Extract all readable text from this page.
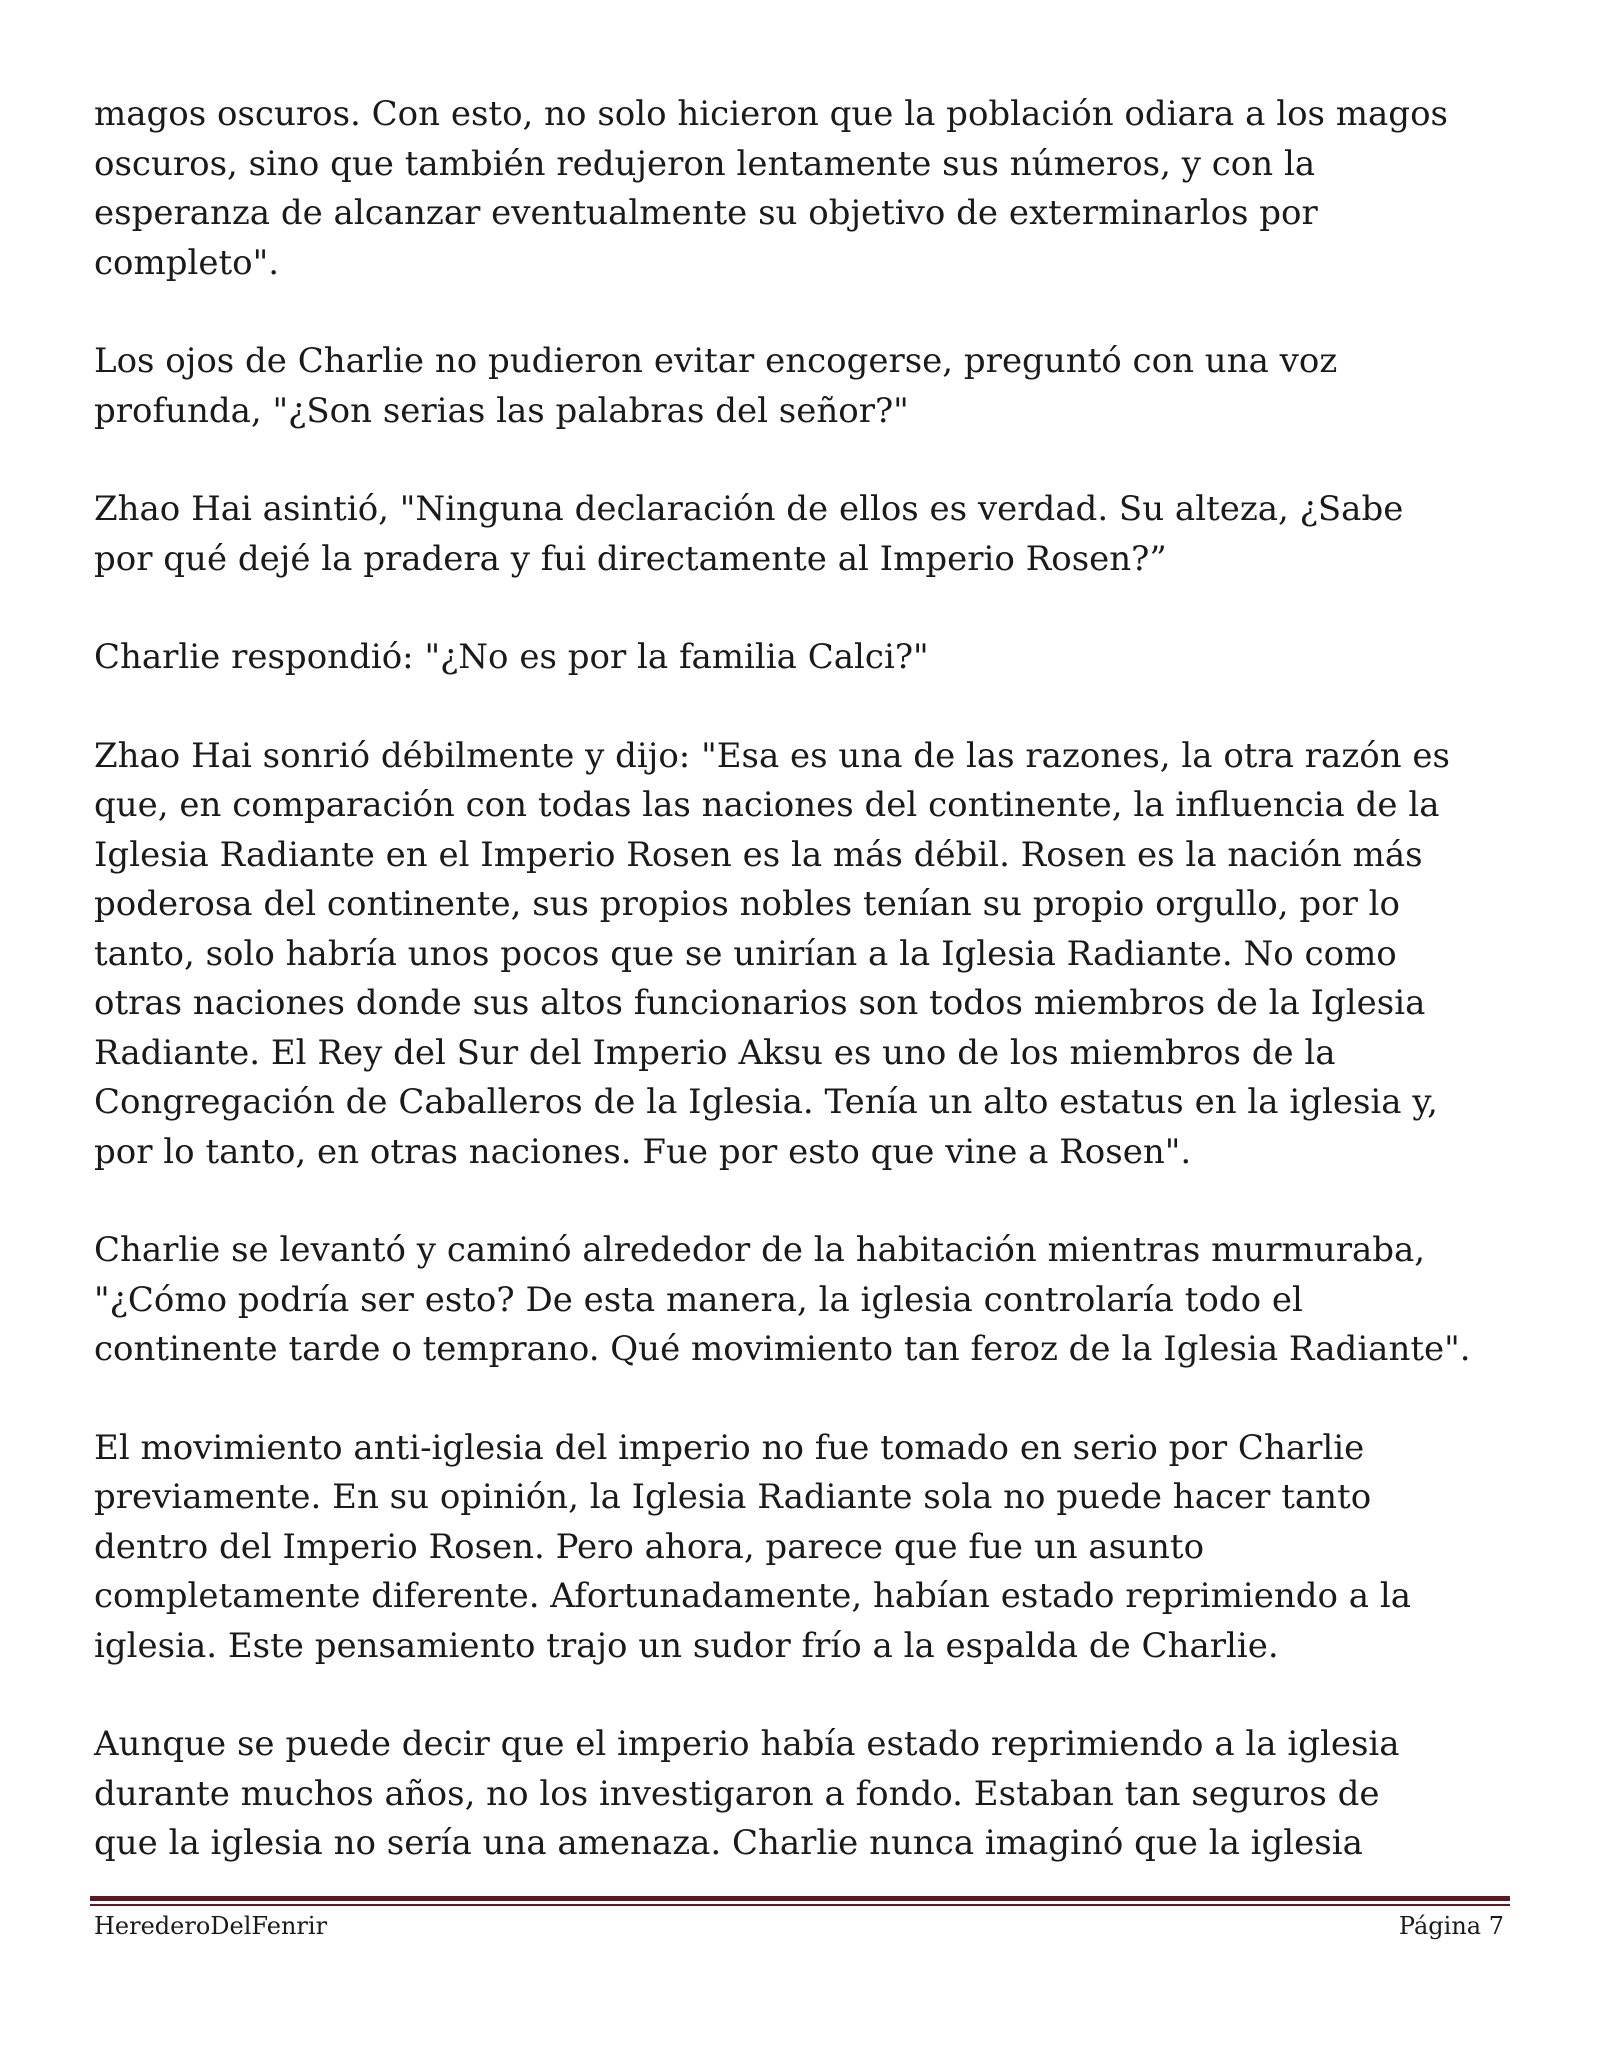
magos oscuros. Con esto, no solo hicieron que la población odiara a los magos
oscuros, sino que también redujeron lentamente sus números, y con la
esperanza de alcanzar eventualmente su objetivo de exterminarlos por
completo".

Los ojos de Charlie no pudieron evitar encogerse, preguntó con una voz
profunda, "¿Son serias las palabras del señor?"

Zhao Hai asintió, "Ninguna declaración de ellos es verdad. Su alteza, ¿Sabe
por qué dejé la pradera y fui directamente al Imperio Rosen?”

Charlie respondió: "¿No es por la familia Calci?"

Zhao Hai sonrió débilmente y dijo: "Esa es una de las razones, la otra razón es
que, en comparación con todas las naciones del continente, la influencia de la
Iglesia Radiante en el Imperio Rosen es la más débil. Rosen es la nación más
poderosa del continente, sus propios nobles tenían su propio orgullo, por lo
tanto, solo habría unos pocos que se unirían a la Iglesia Radiante. No como
otras naciones donde sus altos funcionarios son todos miembros de la Iglesia
Radiante. El Rey del Sur del Imperio Aksu es uno de los miembros de la
Congregación de Caballeros de la Iglesia. Tenía un alto estatus en la iglesia y,
por lo tanto, en otras naciones. Fue por esto que vine a Rosen".

Charlie se levantó y caminó alrededor de la habitación mientras murmuraba,
"¿Cómo podría ser esto? De esta manera, la iglesia controlaría todo el
continente tarde o temprano. Qué movimiento tan feroz de la Iglesia Radiante".

El movimiento anti-iglesia del imperio no fue tomado en serio por Charlie
previamente. En su opinión, la Iglesia Radiante sola no puede hacer tanto
dentro del Imperio Rosen. Pero ahora, parece que fue un asunto
completamente diferente. Afortunadamente, habían estado reprimiendo a la
iglesia. Este pensamiento trajo un sudor frío a la espalda de Charlie.

Aunque se puede decir que el imperio había estado reprimiendo a la iglesia
durante muchos años, no los investigaron a fondo. Estaban tan seguros de
que la iglesia no sería una amenaza. Charlie nunca imaginó que la iglesia

HerederoDelFenrir	Página 7
